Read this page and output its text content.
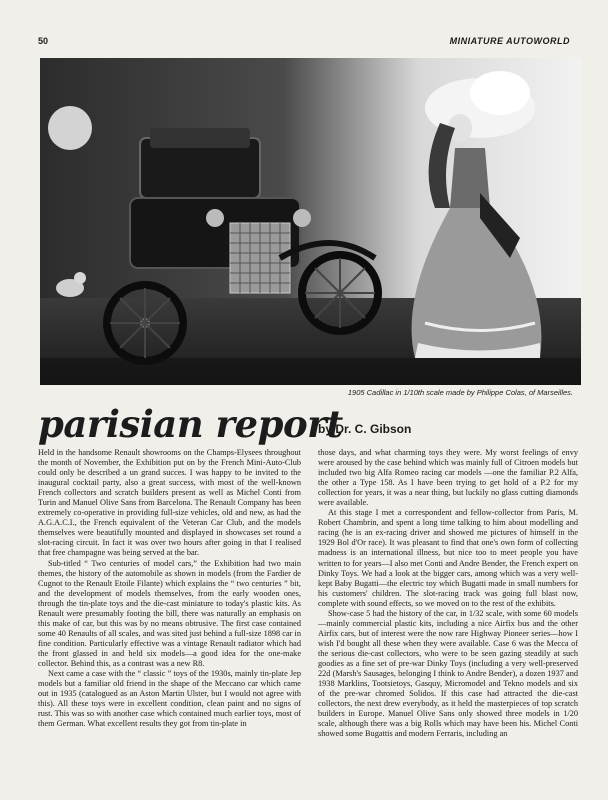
50	MINIATURE AUTOWORLD
1905 Cadillac in 1/10th scale made by Philippe Colas, of Marseilles.
parisian report
by Dr. C. Gibson

Held in the handsome Renault showrooms on the Champs-Elysees throughout the month of November, the Exhibition put on by the French Mini-Auto-Club could only be described a un grand succes. I was happy to be invited to the inaugural cocktail party, also a great success, with most of the well-known French collectors and scratch builders present as well as Michel Conti from Turin and Manuel Olive Sans from Barcelona. The Renault Company has been extremely co-operative in providing full-size vehicles, old and new, as had the A.G.A.C.I., the French equivalent of the Veteran Car Club, and the models themselves were beautifully mounted and displayed in showcases set round a slot-racing circuit. In fact it was over two hours after going in that I realised that free champagne was being served at the bar.

Sub-titled “ Two centuries of model cars,” the Exhibition had two main themes, the history of the automobile as shown in models (from the Fardier de Cugnot to the Renault Etoile Filante) which explains the “ two centuries ” bit, and the development of models themselves, from the early wooden ones, through the tin-plate toys and the die-cast miniature to today's plastic kits. As Renault were presumably footing the bill, there was naturally an emphasis on this make of car, but this was by no means obtrusive. The first case contained some 40 Renaults of all scales, and was sited just behind a full-size 1898 car in fine condition. Particularly effective was a vintage Renault radiator which had the front glassed in and held six models—a good idea for the one-make collector. Behind this, as a contrast was a new R8.

Next came a case with the “ classic ” toys of the 1930s, mainly tin-plate Jep models but a familiar old friend in the shape of the Meccano car which came out in 1935 (catalogued as an Aston Martin Ulster, but I would not agree with this). All these toys were in excellent condition, clean paint and no signs of rust. This was so with another case which contained much earlier toys, most of them German. What excellent results they got from tin-plate in

those days, and what charming toys they were. My worst feelings of envy were aroused by the case behind which was mainly full of Citroen models but included two big Alfa Romeo racing car models —one the familiar P.2 Alfa, the other a Type 158. As I have been trying to get hold of a P.2 for my collection for years, it was a near thing, but luckily no glass cutting diamonds were available.

At this stage I met a correspondent and fellow-collector from Paris, M. Robert Chambrin, and spent a long time talking to him about modelling and racing (he is an ex-racing driver and showed me pictures of himself in the 1929 Bol d'Or race). It was pleasant to find that one's own form of collecting madness is an international illness, but nice too to meet people you have written to for years—I also met Conti and Andre Bender, the French expert on Dinky Toys. We had a look at the bigger cars, among which was a very well-kept Baby Bugatti—the electric toy which Bugatti made in small numbers for his customers' children. The slot-racing track was going full blast now, complete with sound effects, so we moved on to the rest of the exhibits.

Show-case 5 had the history of the car, in 1/32 scale, with some 60 models—mainly commercial plastic kits, including a nice Airfix bus and the other Airfix cars, but of interest were the now rare Highway Pioneer series—how I wish I'd bought all these when they were available. Case 6 was the Mecca of the serious die-cast collectors, who were to be seen gazing steadily at such goodies as a fine set of pre-war Dinky Toys (including a very well-preserved 22d (Marsh's Sausages, belonging I think to Andre Bender), a dozen 1937 and 1938 Marklins, Tootsietoys, Gasquy, Micromodel and Tekno models and six of the pre-war chromed Solidos. If this case had attracted the die-cast collectors, the next drew everybody, as it held the masterpieces of top scratch builders in Europe. Manuel Olive Sans only showed three models in 1/20 scale, although there was a big Rolls which may have been his. Michel Conti showed some Bugattis and modern Ferraris, including an
